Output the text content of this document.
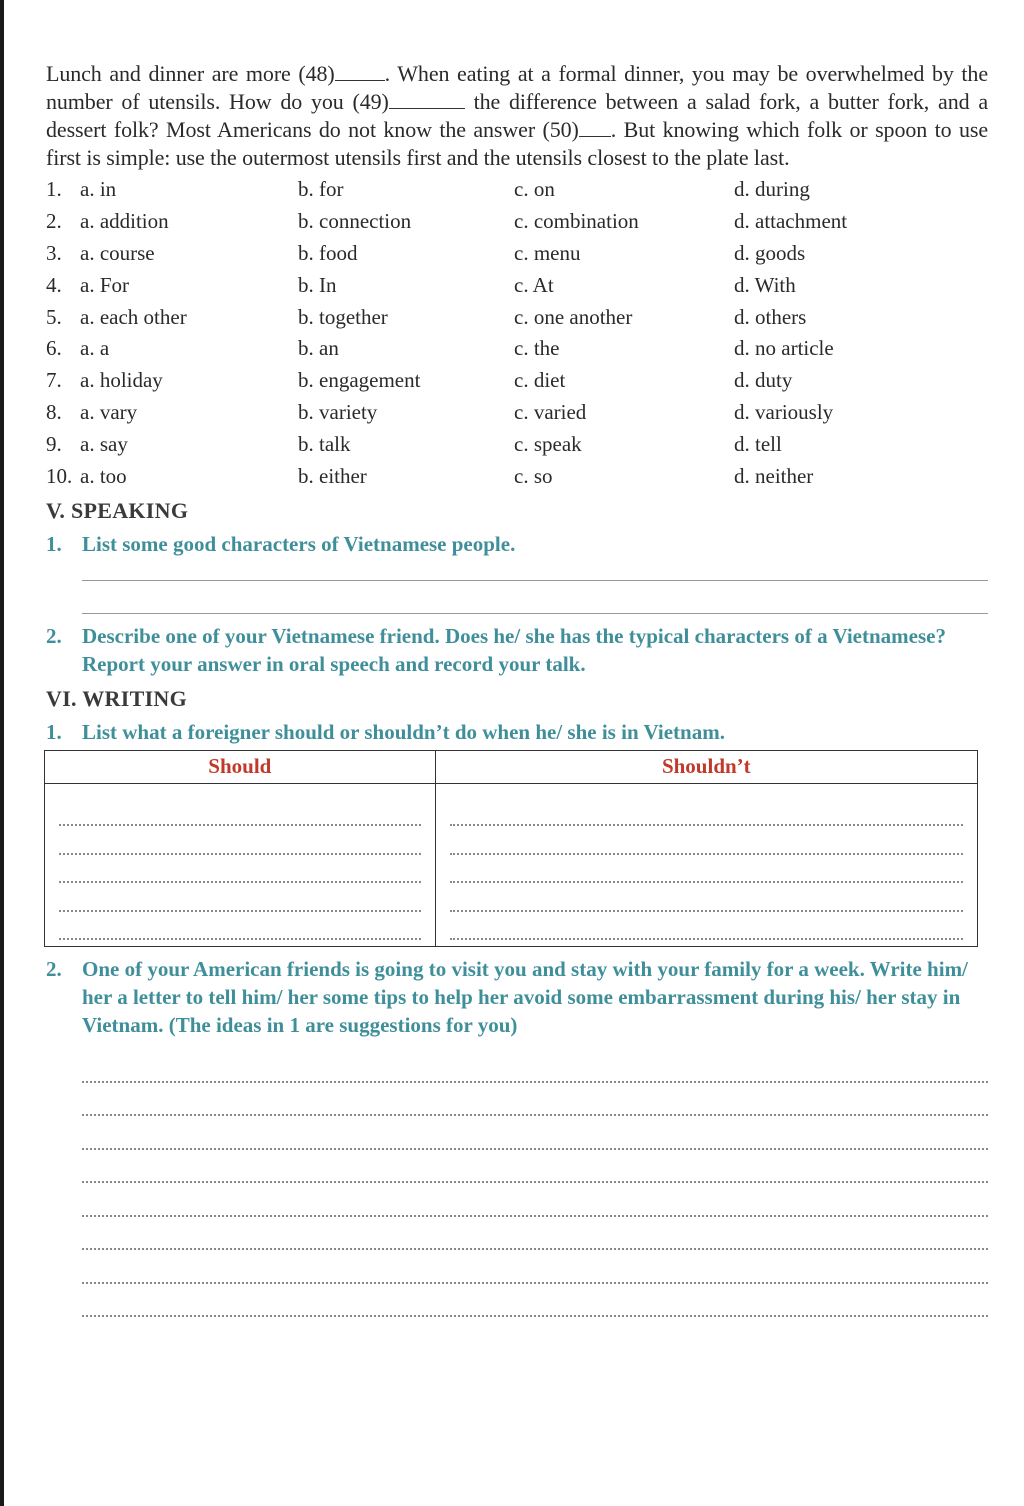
Lunch and dinner are more (48) . When eating at a formal dinner, you may be overwhelmed by the number of utensils. How do you (49)	the difference between a salad fork, a butter fork, and a dessert folk? Most Americans do not know the answer (50) . But knowing which folk or spoon to use first is simple: use the outermost utensils first and the utensils closest to the plate last.

1. a. in	b. for	c. on	d. during
2. a. addition	b. connection	c. combination	d. attachment
3. a. course	b. food	c. menu	d. goods
4. a. For	b. In	c. At	d. With
5. a. each other	b. together	c. one another	d. others
6. a. a	b. an	c. the	d. no article
7. a. holiday	b. engagement	c. diet	d. duty
8. a. vary	b. variety	c. varied	d. variously
9. a. say	b. talk	c. speak	d. tell
10. a. too	b. either	c. so	d. neither
V. SPEAKING
1. List some good characters of Vietnamese people.
2. Describe one of your Vietnamese friend. Does he/ she has the typical characters of a Vietnamese? Report your answer in oral speech and record your talk.
VI. WRITING
1. List what a foreigner should or shouldn’t do when he/ she is in Vietnam.
Should	Shouldn’t

2. One of your American friends is going to visit you and stay with your family for a week. Write him/ her a letter to tell him/ her some tips to help her avoid some embarrassment during his/ her stay in Vietnam. (The ideas in 1 are suggestions for you)
